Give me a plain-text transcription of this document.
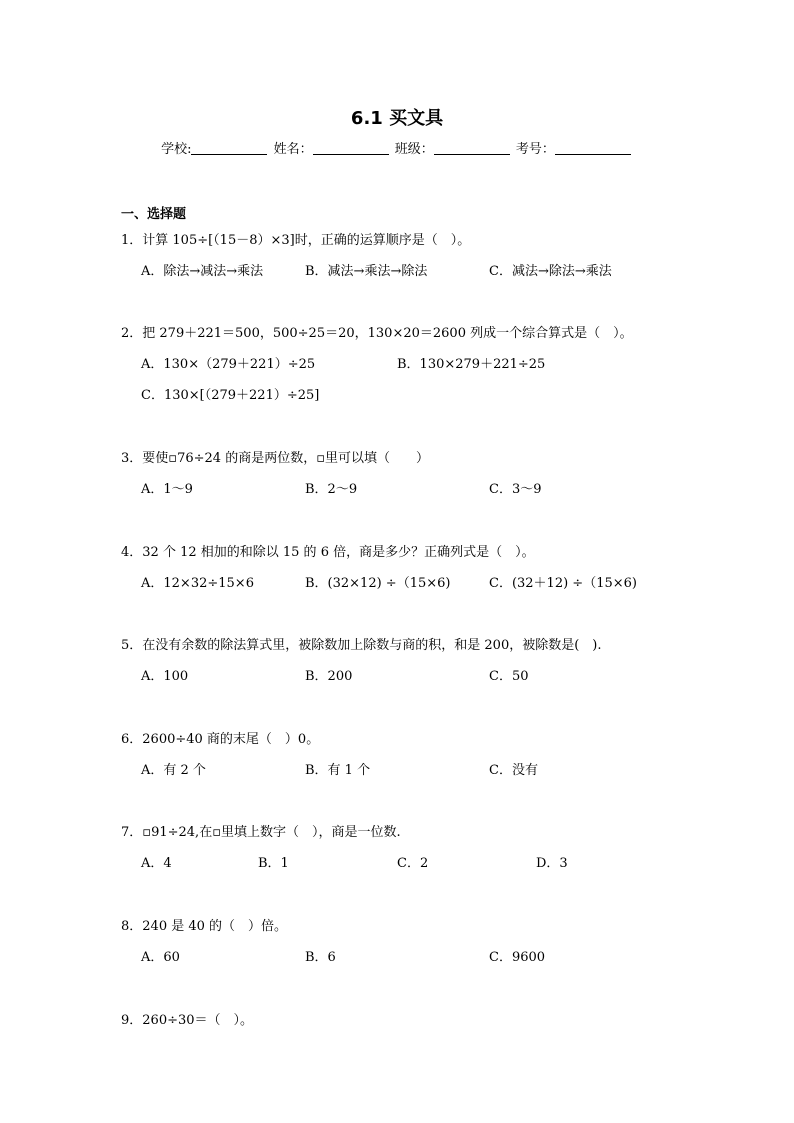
6.1 买文具
学校:	姓名：	班级：	考号：
一、选择题
1．计算 105÷[（15－8）×3]时，正确的运算顺序是（　）。
A．除法→减法→乘法	B．减法→乘法→除法	C．减法→除法→乘法
2．把 279＋221＝500，500÷25＝20，130×20＝2600 列成一个综合算式是（　）。
A．130×（279＋221）÷25	B．130×279＋221÷25
C．130×[（279＋221）÷25]
3．要使▫76÷24 的商是两位数，▫里可以填（　　）
A．1～9	B．2～9	C．3～9
4．32 个 12 相加的和除以 15 的 6 倍，商是多少？正确列式是（　）。
A．12×32÷15×6	B．(32×12) ÷（15×6)	C．(32＋12) ÷（15×6)
5．在没有余数的除法算式里，被除数加上除数与商的积，和是 200，被除数是(　).
A．100	B．200	C．50
6．2600÷40 商的末尾（　）0。
A．有 2 个	B．有 1 个	C．没有
7．▫91÷24,在▫里填上数字（　），商是一位数.
A．4	B．1	C．2	D．3
8．240 是 40 的（　）倍。
A．60	B．6	C．9600
9．260÷30＝（　）。
